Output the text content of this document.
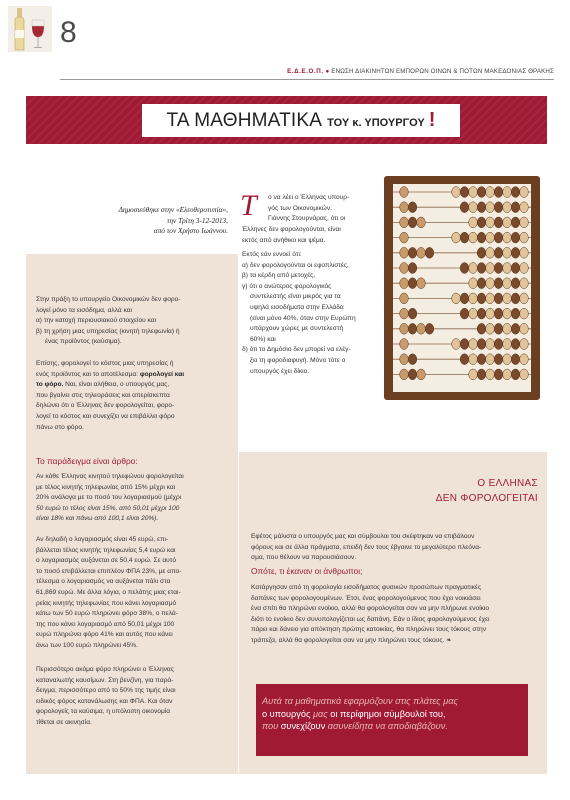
8
Ε.Δ.Ε.Ο.Π. ● ΕΝΩΣΗ ΔΙΑΚΙΝΗΤΩΝ ΕΜΠΟΡΩΝ ΟΙΝΩΝ & ΠΟΤΩΝ ΜΑΚΕΔΟΝΙΑΣ ΘΡΑΚΗΣ
ΤΑ ΜΑΘΗΜΑΤΙΚΑ ΤΟΥ κ. ΥΠΟΥΡΓΟΥ !
Δημοσιεύθηκε στην «Ελευθεροτυπία»,
την Τρίτη 3-12-2013,
από τον Χρήστο Ιωάννου.
Τ ο να λέει ο Έλληνας υπουρ-
γός των Οικονομικών,
Γιάννης Στουρνάρας, ότι οι
Έλληνες δεν φορολογούνται, είναι
εκτός από ανήθικο και ψέμα.
Εκτός εάν εννοεί ότι:
α) δεν φορολογούνται οι εφοπλιστές,
β) τα κέρδη από μετοχές,
γ) ότι ο ανώτερος φορολογικός
συντελεστής είναι μικρός για τα
υψηλά εισοδήματα στην Ελλάδα
(είναι μόνο 40%, όταν στην Ευρώπη
υπάρχουν χώρες με συντελεστή
60%) και
δ) ότι το Δημόσιο δεν μπορεί να ελέγ-
ξει τη φοροδιαφυγή. Μόνο τότε ο
υπουργός έχει δίκιο.
Στην πράξη το υπουργείο Οικονομικών δεν φορο-
λογεί μόνο τα εισόδημα, αλλά και
α) την κατοχή περιουσιακού στοιχείου και
β) τη χρήση μιας υπηρεσίας (κινητή τηλεφωνία) ή
ένας προϊόντος (καύσιμα).
Επίσης, φορολογεί το κόστος μιας υπηρεσίας ή
ενός προϊόντος και το αποτέλεσμα: φορολογεί και
το φόρο. Ναι, είναι αλήθεια, ο υπουργός μας,
που βγαίνει στις τηλεοράσεις και απερίσκεπτα
δηλώνει ότι ο Έλληνας δεν φορολογείται, φορο-
λογεί το κόστος και συνεχίζει να επιβάλλει φόρο
πάνω στο φόρο.
Το παράδειγμα είναι άρθρο:
Αν κάθε Έλληνας κινητού τηλεφώνου φορολογείται
με τέλος κινητής τηλεφωνίας από 15% μέχρι και
20% ανάλογα με το ποσό του λογαριασμού (μέχρι
50 ευρώ το τέλος είναι 15%, από 50,01 μέχρι 100
είναι 18% και πάνω από 100,1 είναι 20%).
Αν δηλαδή ο λογαριασμός είναι 45 ευρώ, επι-
βάλλεται τέλος κινητής τηλεφωνίας 5,4 ευρώ και
ο λογαριασμός αυξάνεται σε 50,4 ευρώ. Σε αυτό
το ποσό επιβάλλεται επιπλέον ΦΠΑ 23%, με απο-
τέλεσμα ο λογαριασμός να αυξάνεται πάλι στα
61,869 ευρώ. Με άλλα λόγια, ο πελάτης μιας εται-
ρείας κινητής τηλεφωνίας που κάνει λογαριασμό
κάτω των 50 ευρώ πληρώνει φόρο 38%, ο πελά-
της που κάνει λογαριασμό από 50,01 μέχρι 100
ευρώ πληρώνει φόρο 41% και αυτός που κάνει
άνω των 100 ευρώ πληρώνει 45%.
Περισσότερο ακόμα φόρο πληρώνει ο Έλληνας
καταναλωτής καυσίμων. Στη βενζίνη, για παρά-
δειγμα, περισσότερο από το 50% της τιμής είναι
ειδικός φόρος κατανάλωσης και ΦΠΑ. Και όταν
φορολογείς τα καύσιμα, η υπόλοιπη οικονομία
τίθεται σε ακινησία.
Ο ΕΛΛΗΝΑΣ
ΔΕΝ ΦΟΡΟΛΟΓΕΙΤΑΙ
Εφέτος μάλιστα ο υπουργός μας και σύμβουλοι του σκέφτηκαν να επιβάλουν
φόρους και σε άλλα πράγματα, επειδή δεν τους έβγαινε το μεγαλύτερο πλεόνα-
σμα, που θέλουν να παρουσιάσουν.
Οπότε, τι έκαναν οι άνθρωποι;
Κατάργησαν από τη φορολογία εισοδήματος φυσικών προσώπων πραγματικές
δαπάνες των φορολογουμένων. Έτσι, ένας φορολογούμενος που έχει νοικιάσει
ένα σπίτι θα πληρώνει ενοίκιο, αλλά θα φορολογείται σαν να μην πλήρωνε ενοίκιο
διότι το ενοίκιο δεν συνυπολογίζεται ως δαπάνη. Εάν ο ίδιος φορολογούμενος έχει
πάρει και δάνειο για απόκτηση πρώτης κατοικίας, θα πληρώνει τους τόκους στην
τράπεζα, αλλά θα φορολογείται σαν να μην πληρώνει τους τόκους. ❧
Αυτά τα μαθηματικά εφαρμόζουν στις πλάτες μας
ο υπουργός μας οι περίφημοι σύμβουλοί του,
που συνεχίζουν ασυνείδητα να αποδιαβάζουν.
